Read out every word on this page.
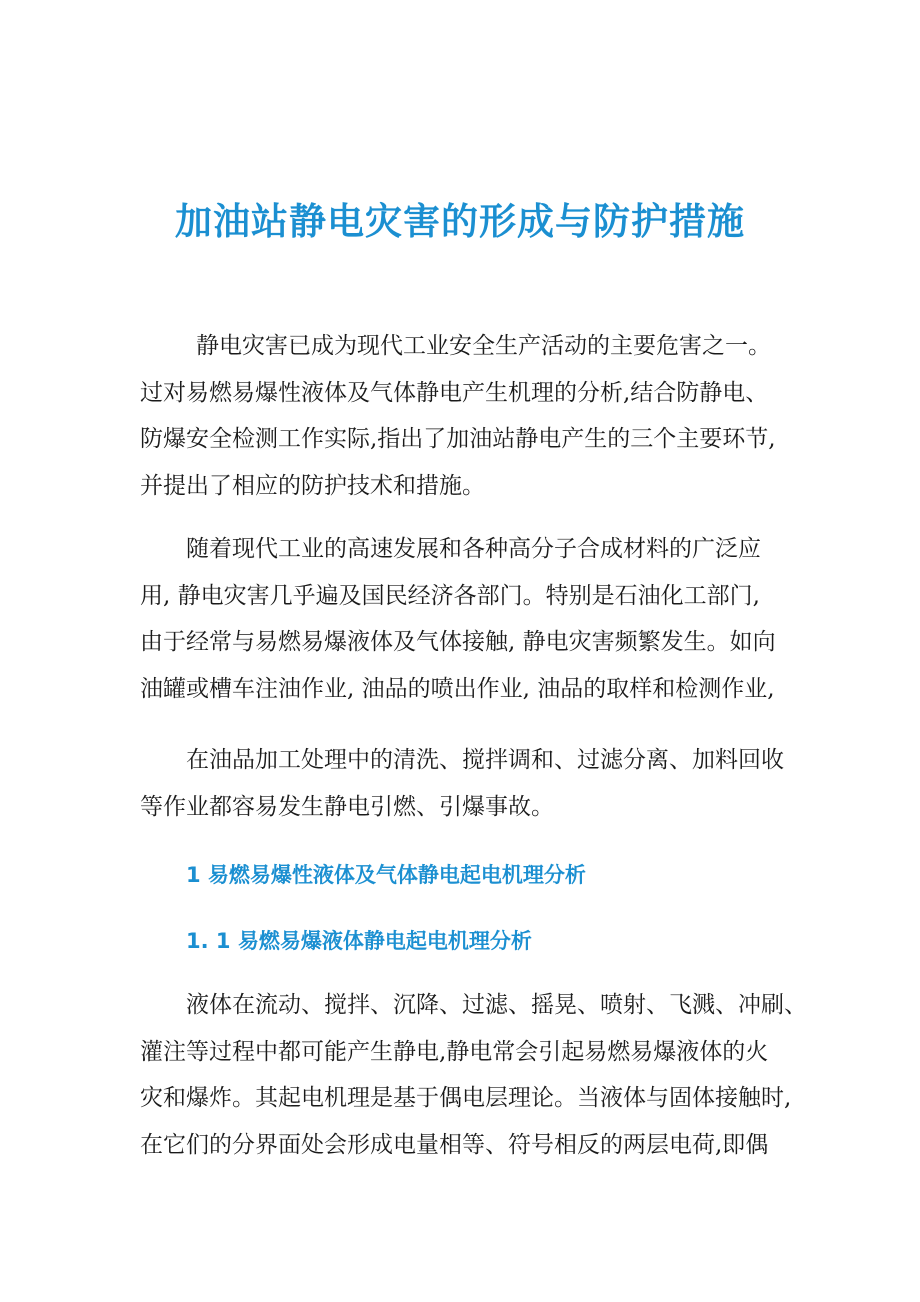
加油站静电灾害的形成与防护措施

静电灾害已成为现代工业安全生产活动的主要危害之一。
过对易燃易爆性液体及气体静电产生机理的分析,结合防静电、
防爆安全检测工作实际,指出了加油站静电产生的三个主要环节,
并提出了相应的防护技术和措施。

随着现代工业的高速发展和各种高分子合成材料的广泛应
用, 静电灾害几乎遍及国民经济各部门。特别是石油化工部门,
由于经常与易燃易爆液体及气体接触, 静电灾害频繁发生。如向
油罐或槽车注油作业, 油品的喷出作业, 油品的取样和检测作业,

在油品加工处理中的清洗、搅拌调和、过滤分离、加料回收
等作业都容易发生静电引燃、引爆事故。

1 易燃易爆性液体及气体静电起电机理分析
1. 1 易燃易爆液体静电起电机理分析

液体在流动、搅拌、沉降、过滤、摇晃、喷射、飞溅、冲刷、
灌注等过程中都可能产生静电,静电常会引起易燃易爆液体的火
灾和爆炸。其起电机理是基于偶电层理论。当液体与固体接触时,
在它们的分界面处会形成电量相等、符号相反的两层电荷,即偶
